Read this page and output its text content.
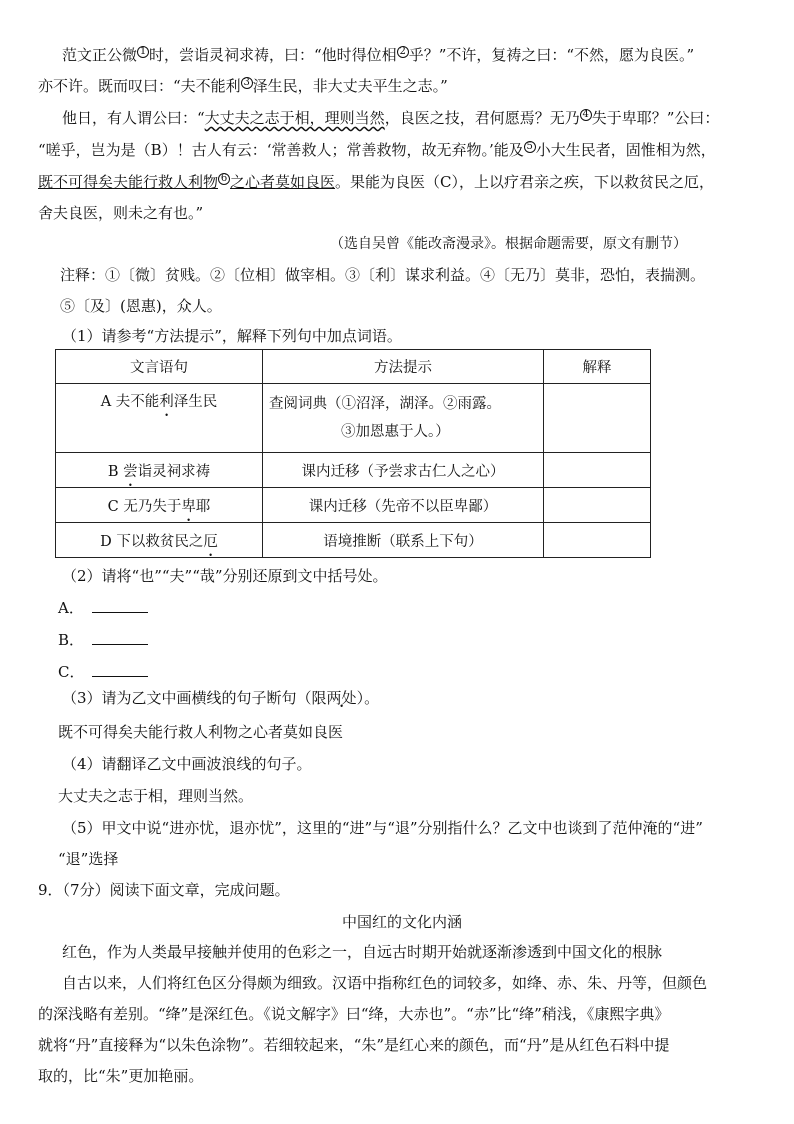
范文正公微 1 时，尝诣灵祠求祷，曰：“他时得位相 2 乎？”不许，复祷之曰：“不然，愿为良医。”
亦不许。既而叹曰：“夫不能利 3 泽生民，非大丈夫平生之志。”
他日，有人谓公曰：“大丈夫之志于相，理则当然，良医之技，君何愿焉？无乃 4 失于卑耶？”公曰：
“嗟乎，岂为是（B）！古人有云：‘常善救人；常善救物，故无弃物。’能及 5 小大生民者，固惟相为然，
既不可得矣夫能行救人利物 6 之心者莫如良医。果能为良医（C），上以疗君亲之疾，下以救贫民之厄，
舍夫良医，则未之有也。”
（选自吴曾《能改斋漫录》。根据命题需要，原文有删节）
注释：①〔微〕贫贱。②〔位相〕做宰相。③〔利〕谋求利益。④〔无乃〕莫非，恐怕，表揣测。
⑤〔及〕(恩惠)，众人。
（1）请参考“方法提示”，解释下列句中加点词语。
文言语句	方法提示	解释
A 夫不能利泽生民	查阅词典（①沼泽，湖泽。②雨露。
③加恩惠于人。）	

B 尝诣灵祠求祷	课内迁移（予尝求古仁人之心）	
C 无乃失于卑耶	课内迁移（先帝不以臣卑鄙）	
D 下以救贫民之厄	语境推断（联系上下句）	
（2）请将“也”“夫”“哉”分别还原到文中括号处。
A．
B．
C．
（3）请为乙文中画横线的句子断句（限两处）。
既不可得矣夫能行救人利物之心者莫如良医
（4）请翻译乙文中画波浪线的句子。
大丈夫之志于相，理则当然。
（5）甲文中说“进亦忧，退亦忧”，这里的“进”与“退”分别指什么？乙文中也谈到了范仲淹的“进”
“退”选择
9．（7分）阅读下面文章，完成问题。
中国红的文化内涵
红色，作为人类最早接触并使用的色彩之一，自远古时期开始就逐渐渗透到中国文化的根脉
自古以来，人们将红色区分得颇为细致。汉语中指称红色的词较多，如绛、赤、朱、丹等，但颜色
的深浅略有差别。“绛”是深红色。《说文解字》曰“绛，大赤也”。“赤”比“绛”稍浅，《康熙字典》
就将“丹”直接释为“以朱色涂物”。若细较起来，“朱”是红心来的颜色，而“丹”是从红色石料中提
取的，比“朱”更加艳丽。
